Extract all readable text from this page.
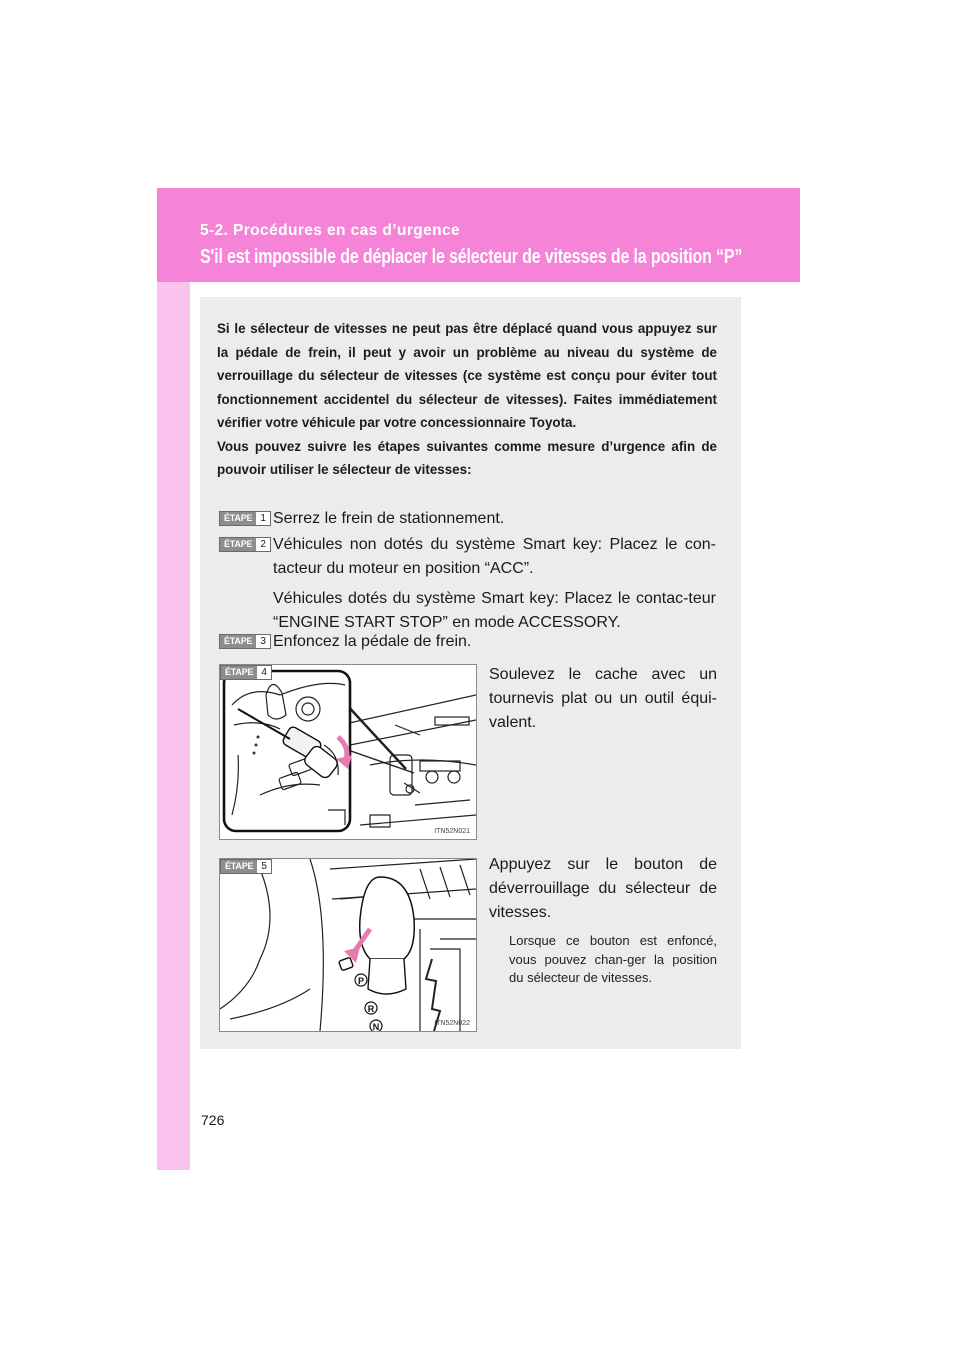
5-2. Procédures en cas d’urgence
S'il est impossible de déplacer le sélecteur de vitesses de la position “P”

Si le sélecteur de vitesses ne peut pas être déplacé quand vous appuyez sur la pédale de frein, il peut y avoir un problème au niveau du système de verrouillage du sélecteur de vitesses (ce système est conçu pour éviter tout fonctionnement accidentel du sélecteur de vitesses). Faites immédiatement vérifier votre véhicule par votre concessionnaire Toyota.

Vous pouvez suivre les étapes suivantes comme mesure d’urgence afin de pouvoir utiliser le sélecteur de vitesses:

ÉTAPE 1 Serrez le frein de stationnement.

ÉTAPE 2 Véhicules non dotés du système Smart key: Placez le con-tacteur du moteur en position “ACC”.

Véhicules dotés du système Smart key: Placez le contac-teur “ENGINE START STOP” en mode ACCESSORY.

ÉTAPE 3 Enfoncez la pédale de frein.

ÉTAPE 4
ITN52N021

Soulevez le cache avec un tournevis plat ou un outil équi-valent.

P
R
N
ÉTAPE 5
ITN52N022

Appuyez sur le bouton de déverrouillage du sélecteur de vitesses.

Lorsque ce bouton est enfoncé, vous pouvez chan-ger la position du sélecteur de vitesses.
726
